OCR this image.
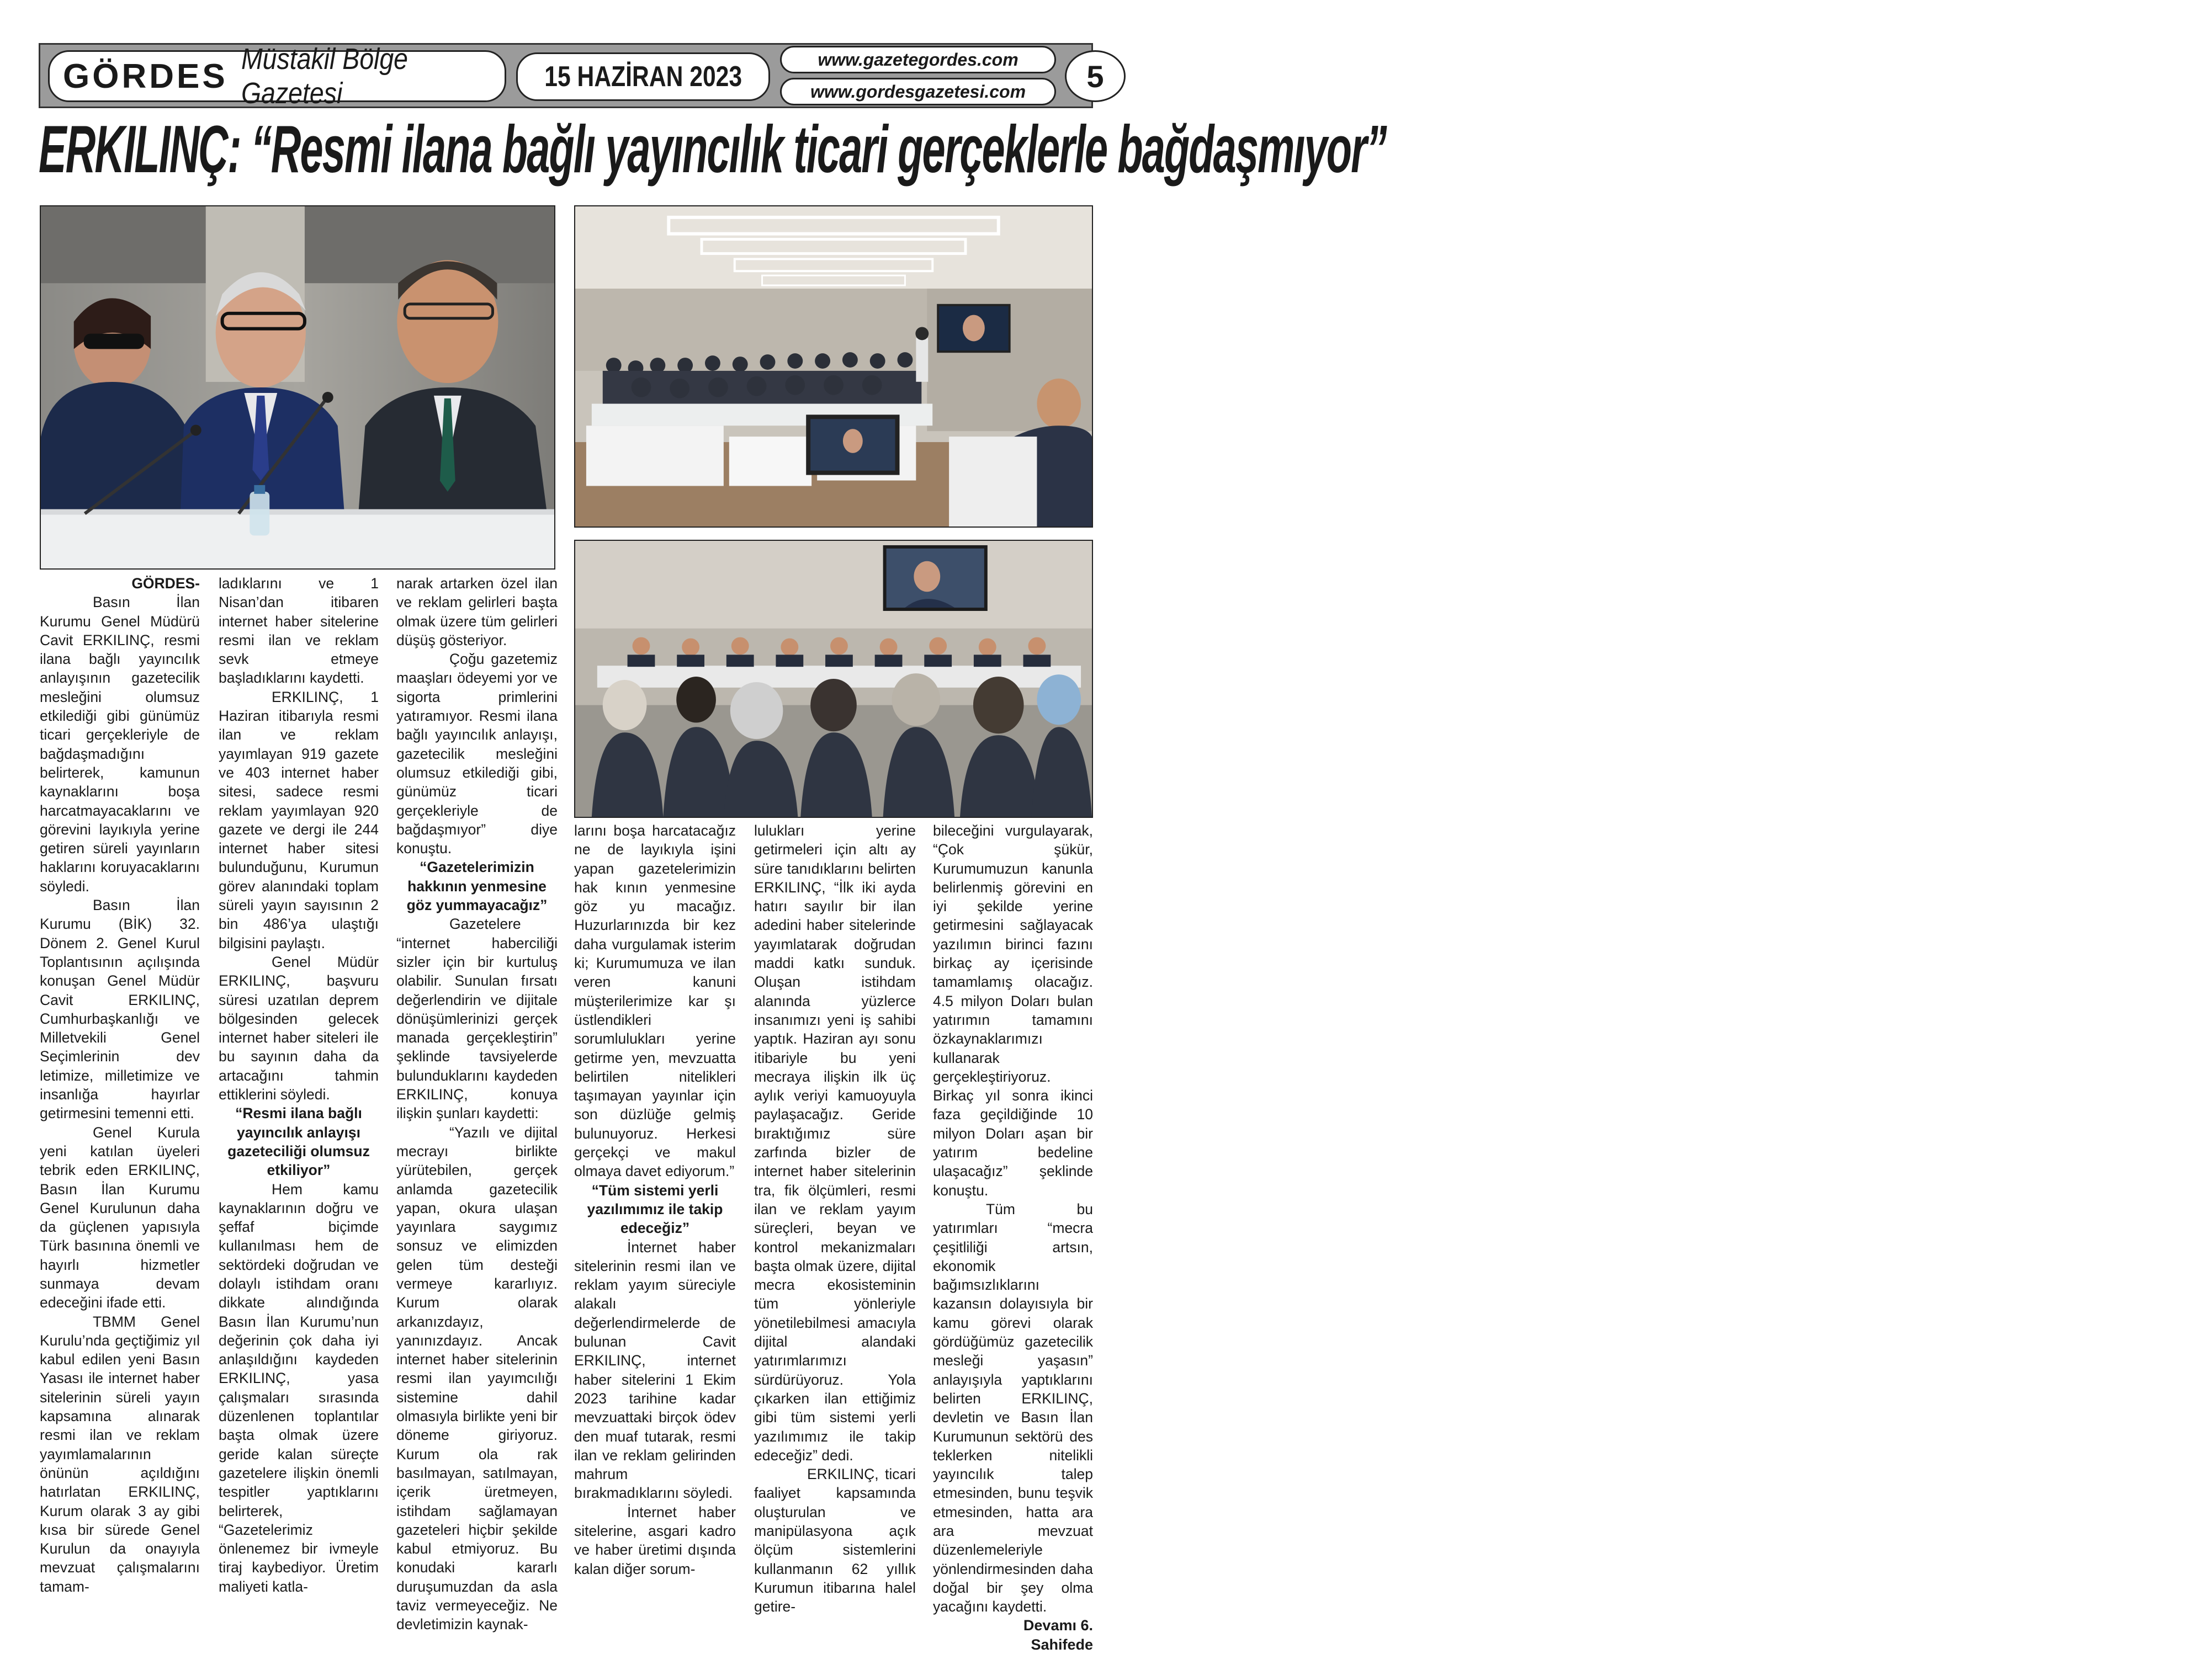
GÖRDES Müstakil Bölge Gazetesi	15 HAZİRAN 2023
www.gazetegordes.com
www.gordesgazetesi.com	5
ERKILINÇ: “Resmi ilana bağlı yayıncılık ticari gerçeklerle bağdaşmıyor”

GÖRDES-

Basın İlan Kurumu Genel Müdürü Cavit ERKILINÇ, resmi ilana bağlı yayıncılık anlayışının gazetecilik mesleğini olumsuz etkilediği gibi günümüz ticari gerçekleriyle de bağdaşmadığını belirterek, kamunun kaynaklarını boşa harcatmayacaklarını ve görevini layıkıyla yerine getiren süreli yayınların haklarını koruyacaklarını söyledi.

Basın İlan Kurumu (BİK) 32. Dönem 2. Genel Kurul Toplantısının açılışında konuşan Genel Müdür Cavit ERKILINÇ, Cumhurbaşkanlığı ve Milletvekili Genel Seçimlerinin dev letimize, milletimize ve insanlığa hayırlar getirmesini temenni etti.

Genel Kurula yeni katılan üyeleri tebrik eden ERKILINÇ, Basın İlan Kurumu Genel Kurulunun daha da güçlenen yapısıyla Türk basınına önemli ve hayırlı hizmetler sunmaya devam edeceğini ifade etti.

TBMM Genel Kurulu’nda geçtiğimiz yıl kabul edilen yeni Basın Yasası ile internet haber sitelerinin süreli yayın kapsamına alınarak resmi ilan ve reklam yayımlamalarının önünün açıldığını hatırlatan ERKILINÇ, Kurum olarak 3 ay gibi kısa bir sürede Genel Kurulun da onayıyla mevzuat çalışmalarını tamam-

ladıklarını ve 1 Nisan’dan itibaren internet haber sitelerine resmi ilan ve reklam sevk etmeye başladıklarını kaydetti.

ERKILINÇ, 1 Haziran itibarıyla resmi ilan ve reklam yayımlayan 919 gazete ve 403 internet haber sitesi, sadece resmi reklam yayımlayan 920 gazete ve dergi ile 244 internet haber sitesi bulunduğunu, Kurumun görev alanındaki toplam süreli yayın sayısının 2 bin 486’ya ulaştığı bilgisini paylaştı.

Genel Müdür ERKILINÇ, başvuru süresi uzatılan deprem bölgesinden gelecek internet haber siteleri ile bu sayının daha da artacağını tahmin ettiklerini söyledi.

“Resmi ilana bağlı yayıncılık anlayışı gazeteciliği olumsuz etkiliyor”

Hem kamu kaynaklarının doğru ve şeffaf biçimde kullanılması hem de sektördeki doğrudan ve dolaylı istihdam oranı dikkate alındığında Basın İlan Kurumu’nun değerinin çok daha iyi anlaşıldığını kaydeden ERKILINÇ, yasa çalışmaları sırasında düzenlenen toplantılar başta olmak üzere geride kalan süreçte gazetelere ilişkin önemli tespitler yaptıklarını belirterek, “Gazetelerimiz önlenemez bir ivmeyle tiraj kaybediyor. Üretim maliyeti katla-

narak artarken özel ilan ve reklam gelirleri başta olmak üzere tüm gelirleri düşüş gösteriyor.

Çoğu gazetemiz maaşları ödeyemi yor ve sigorta primlerini yatıramıyor. Resmi ilana bağlı yayıncılık anlayışı, gazetecilik mesleğini olumsuz etkilediği gibi, günümüz ticari gerçekleriyle de bağdaşmıyor” diye konuştu.

“Gazetelerimizin hakkının yenmesine göz yummayacağız”

Gazetelere “internet haberciliği sizler için bir kurtuluş olabilir. Sunulan fırsatı değerlendirin ve dijitale dönüşümlerinizi gerçek manada gerçekleştirin” şeklinde tavsiyelerde bulunduklarını kaydeden ERKILINÇ, konuya ilişkin şunları kaydetti:

“Yazılı ve dijital mecrayı birlikte yürütebilen, gerçek anlamda gazetecilik yapan, okura ulaşan yayınlara saygımız sonsuz ve elimizden gelen tüm desteği vermeye kararlıyız. Kurum olarak arkanızdayız, yanınızdayız. Ancak internet haber sitelerinin resmi ilan yayımcılığı sistemine dahil olmasıyla birlikte yeni bir döneme giriyoruz. Kurum ola rak basılmayan, satılmayan, içerik üretmeyen, istihdam sağlamayan gazeteleri hiçbir şekilde kabul etmiyoruz. Bu konudaki kararlı duruşumuzdan da asla taviz vermeyeceğiz. Ne devletimizin kaynak-

larını boşa harcatacağız ne de layıkıyla işini yapan gazetelerimizin hak kının yenmesine göz yu macağız. Huzurlarınızda bir kez daha vurgulamak isterim ki; Kurumumuza ve ilan veren kanuni müşterilerimize kar şı üstlendikleri sorumlulukları yerine getirme yen, mevzuatta belirtilen nitelikleri taşımayan yayınlar için son düzlüğe gelmiş bulunuyoruz. Herkesi gerçekçi ve makul olmaya davet ediyorum.”

“Tüm sistemi yerli yazılımımız ile takip edeceğiz”

İnternet haber sitelerinin resmi ilan ve reklam yayım süreciyle alakalı değerlendirmelerde de bulunan Cavit ERKILINÇ, internet haber sitelerini 1 Ekim 2023 tarihine kadar mevzuattaki birçok ödev den muaf tutarak, resmi ilan ve reklam gelirinden mahrum bırakmadıklarını söyledi.

İnternet haber sitelerine, asgari kadro ve haber üretimi dışında kalan diğer sorum-

lulukları yerine getirmeleri için altı ay süre tanıdıklarını belirten ERKILINÇ, “İlk iki ayda hatırı sayılır bir ilan adedini haber sitelerinde yayımlatarak doğrudan maddi katkı sunduk. Oluşan istihdam alanında yüzlerce insanımızı yeni iş sahibi yaptık. Haziran ayı sonu itibariyle bu yeni mecraya ilişkin ilk üç aylık veriyi kamuoyuyla paylaşacağız. Geride bıraktığımız süre zarfında bizler de internet haber sitelerinin tra, fik ölçümleri, resmi ilan ve reklam yayım süreçleri, beyan ve kontrol mekanizmaları başta olmak üzere, dijital mecra ekosisteminin tüm yönleriyle yönetilebilmesi amacıyla dijital alandaki yatırımlarımızı sürdürüyoruz. Yola çıkarken ilan ettiğimiz gibi tüm sistemi yerli yazılımımız ile takip edeceğiz” dedi.

ERKILINÇ, ticari faaliyet kapsamında oluşturulan ve manipülasyona açık ölçüm sistemlerini kullanmanın 62 yıllık Kurumun itibarına halel getire-

bileceğini vurgulayarak, “Çok şükür, Kurumumuzun kanunla belirlenmiş görevini en iyi şekilde yerine getirmesini sağlayacak yazılımın birinci fazını birkaç ay içerisinde tamamlamış olacağız. 4.5 milyon Doları bulan yatırımın tamamını özkaynaklarımızı kullanarak gerçekleştiriyoruz. Birkaç yıl sonra ikinci faza geçildiğinde 10 milyon Doları aşan bir yatırım bedeline ulaşacağız” şeklinde konuştu.

Tüm bu yatırımları “mecra çeşitliliği artsın, ekonomik bağımsızlıklarını kazansın dolayısıyla bir kamu görevi olarak gördüğümüz gazetecilik mesleği yaşasın” anlayışıyla yaptıklarını belirten ERKILINÇ, devletin ve Basın İlan Kurumunun sektörü des teklerken nitelikli yayıncılık talep etmesinden, bunu teşvik etmesinden, hatta ara ara mevzuat düzenlemeleriyle yönlendirmesinden daha doğal bir şey olma yacağını kaydetti.

Devamı 6. Sahifede
